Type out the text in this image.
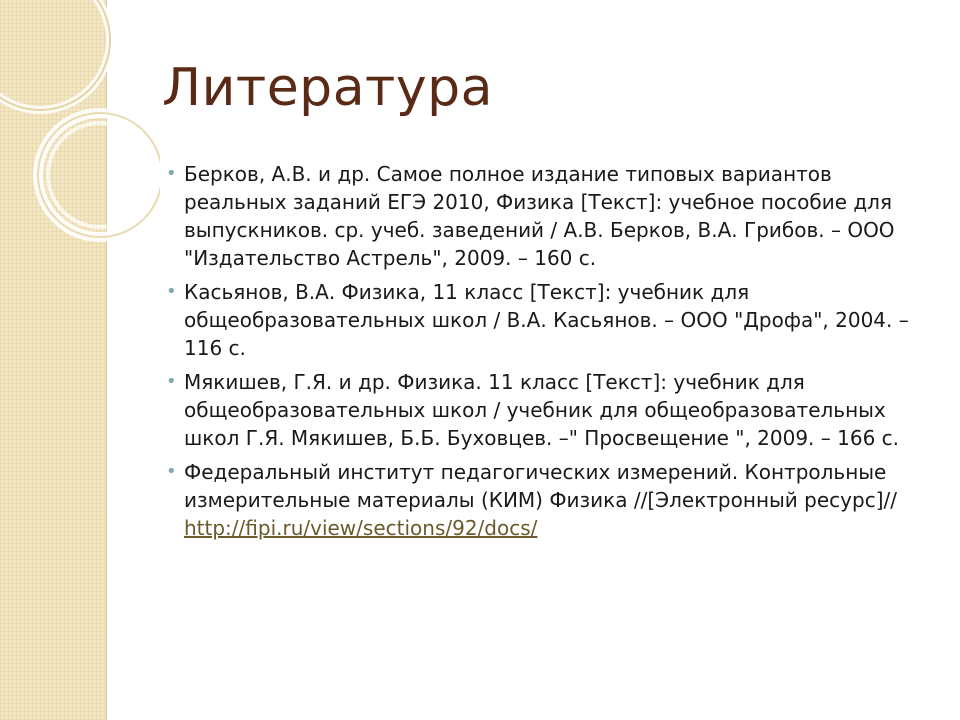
Литература
• Берков, А.В. и др. Самое полное издание типовых вариантов реальных заданий ЕГЭ 2010, Физика [Текст]: учебное пособие для выпускников. ср. учеб. заведений / А.В. Берков, В.А. Грибов. – ООО "Издательство Астрель", 2009. – 160 с.
• Касьянов, В.А. Физика, 11 класс [Текст]: учебник для общеобразовательных школ / В.А. Касьянов. – ООО "Дрофа", 2004. – 116 с.
• Мякишев, Г.Я. и др. Физика. 11 класс [Текст]: учебник для общеобразовательных школ / учебник для общеобразовательных школ Г.Я. Мякишев, Б.Б. Буховцев. –" Просвещение ", 2009. – 166 с.
• Федеральный институт педагогических измерений. Контрольные измерительные материалы (КИМ) Физика //[Электронный ресурс]// http://fipi.ru/view/sections/92/docs/
